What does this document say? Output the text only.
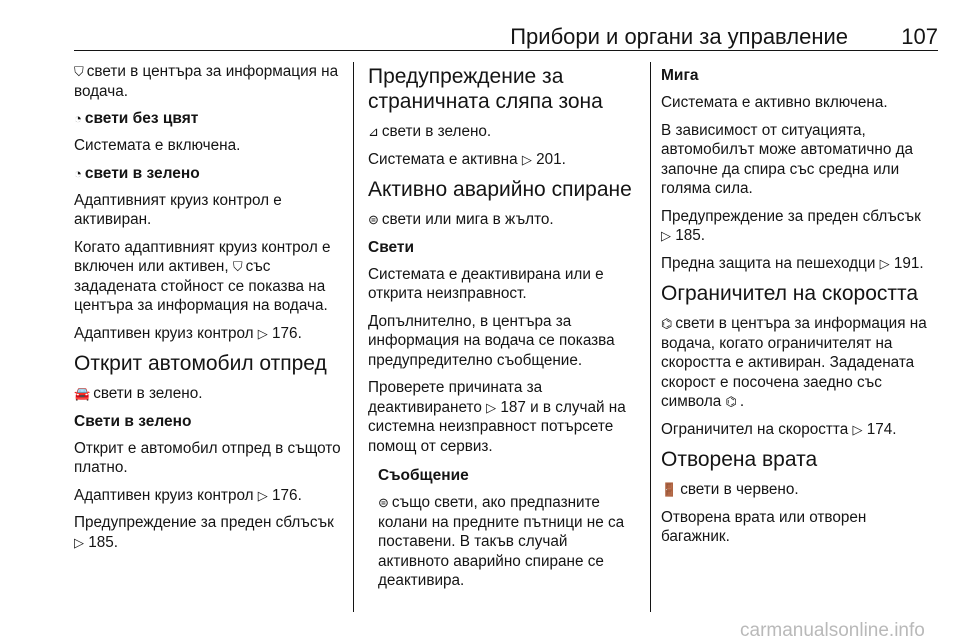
Прибори и органи за управление 107

⛉ свети в центъра за информация на водача.

◔ свети без цвят

Системата е включена.

◔ свети в зелено

Адаптивният круиз контрол е активиран.

Когато адаптивният круиз контрол е включен или активен, ⛉ със зададената стойност се показва на центъра за информация на водача.

Адаптивен круиз контрол ▷ 176.

Открит автомобил отпред

🚘 свети в зелено.

Свети в зелено

Открит е автомобил отпред в същото платно.

Адаптивен круиз контрол ▷ 176.

Предупреждение за преден сблъсък ▷ 185.

Предупреждение за страничната сляпа зона

⊿ свети в зелено.

Системата е активна ▷ 201.

Активно аварийно спиране

⊜ свети или мига в жълто.

Свети

Системата е деактивирана или е открита неизправност.

Допълнително, в центъра за информация на водача се показва предупредително съобщение.

Проверете причината за деактивирането ▷ 187 и в случай на системна неизправност потърсете помощ от сервиз.

Съобщение

⊜ също свети, ако предпазните колани на предните пътници не са поставени. В такъв случай активното аварийно спиране се деактивира.

Мига

Системата е активно включена.

В зависимост от ситуацията, автомобилът може автоматично да започне да спира със средна или голяма сила.

Предупреждение за преден сблъсък ▷ 185.

Предна защита на пешеходци ▷ 191.

Ограничител на скоростта

⌬ свети в центъра за информация на водача, когато ограничителят на скоростта е активиран. Зададената скорост е посочена заедно със символа ⌬ .

Ограничител на скоростта ▷ 174.

Отворена врата

🚪 свети в червено.

Отворена врата или отворен багажник.

carmanualsonline.info
